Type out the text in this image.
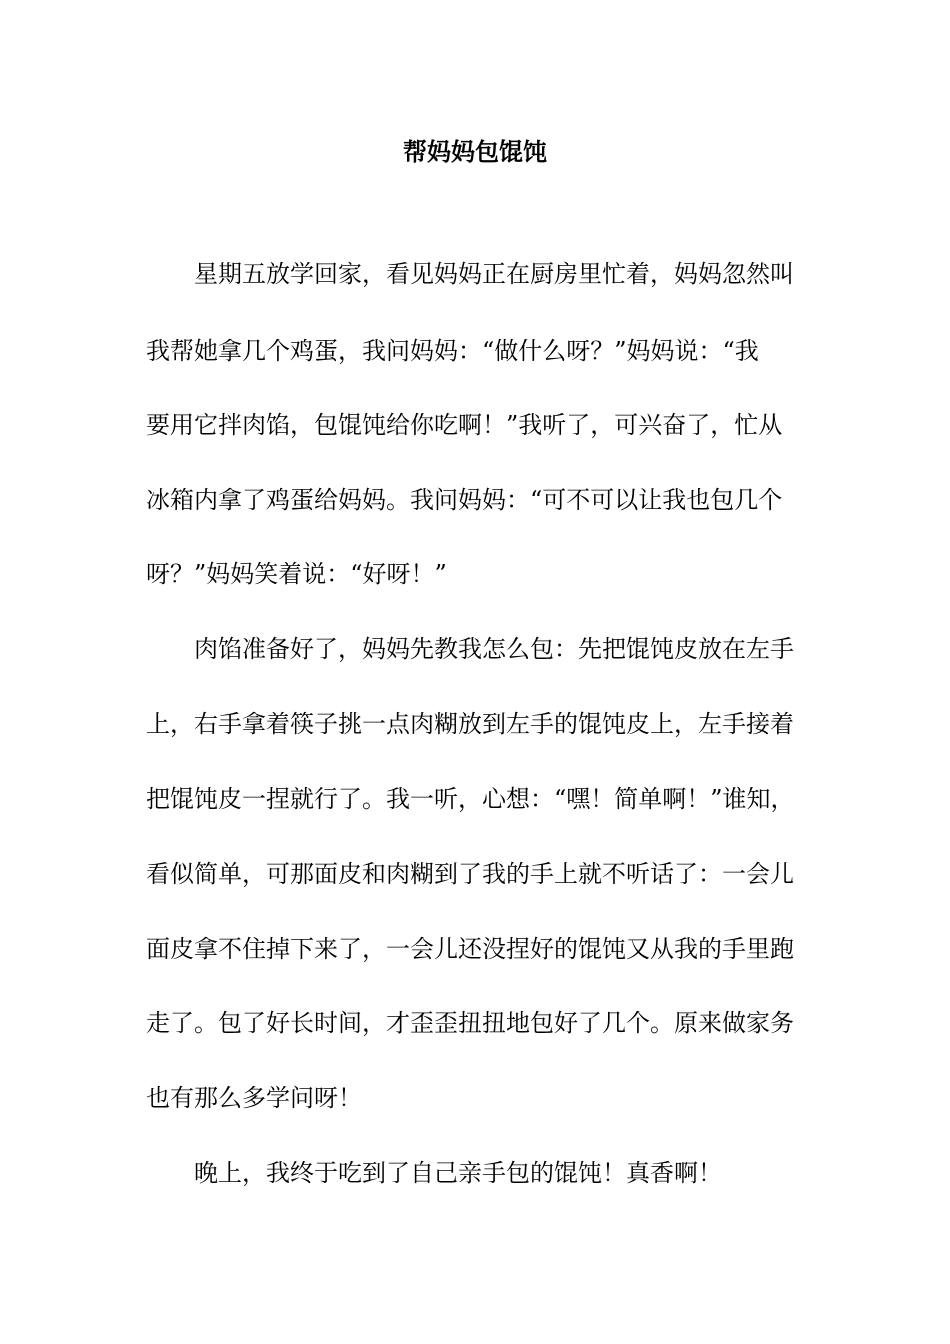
帮妈妈包馄饨

星期五放学回家，看见妈妈正在厨房里忙着，妈妈忽然叫

我帮她拿几个鸡蛋，我问妈妈：“做什么呀？”妈妈说：“我

要用它拌肉馅，包馄饨给你吃啊！”我听了，可兴奋了，忙从

冰箱内拿了鸡蛋给妈妈。我问妈妈：“可不可以让我也包几个

呀？”妈妈笑着说：“好呀！”

肉馅准备好了，妈妈先教我怎么包：先把馄饨皮放在左手

上，右手拿着筷子挑一点肉糊放到左手的馄饨皮上，左手接着

把馄饨皮一捏就行了。我一听，心想：“嘿！简单啊！”谁知，

看似简单，可那面皮和肉糊到了我的手上就不听话了：一会儿

面皮拿不住掉下来了，一会儿还没捏好的馄饨又从我的手里跑

走了。包了好长时间，才歪歪扭扭地包好了几个。原来做家务

也有那么多学问呀！

晚上，我终于吃到了自己亲手包的馄饨！真香啊！
